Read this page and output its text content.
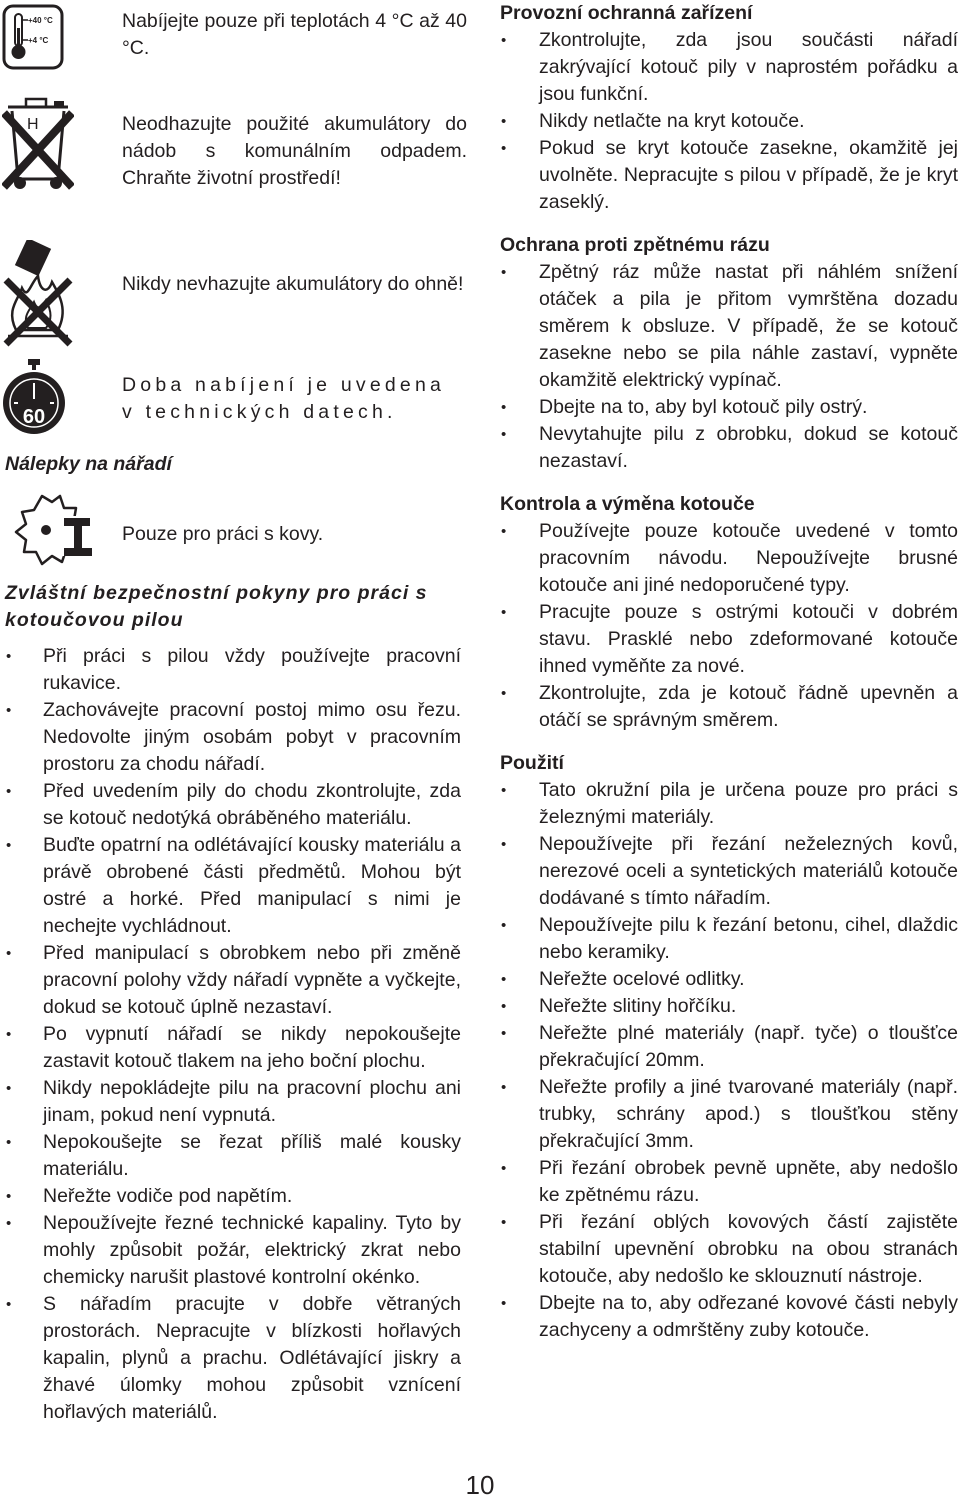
+40 °C
+4 °C
Nabíjejte pouze při teplotách 4 °C až 40 °C.
H	Neodhazujte použité akumulátory do nádob s komunálním odpadem. Chraňte životní prostředí!
Nikdy nevhazujte akumulátory do ohně!
60
Doba nabíjení je uvedena v technických datech.
Nálepky na nářadí
Pouze pro práci s kovy.
Zvláštní bezpečnostní pokyny pro práci s kotoučovou pilou
• Při práci s pilou vždy používejte pracovní rukavice.
• Zachovávejte pracovní postoj mimo osu řezu. Nedovolte jiným osobám pobyt v pracovním prostoru za chodu nářadí.
• Před uvedením pily do chodu zkontrolujte, zda se kotouč nedotýká obráběného materiálu.
• Buďte opatrní na odlétávající kousky materiálu a právě obrobené části předmětů. Mohou být ostré a horké. Před manipulací s nimi je nechejte vychládnout.
• Před manipulací s obrobkem nebo při změně pracovní polohy vždy nářadí vypněte a vyčkejte, dokud se kotouč úplně nezastaví.
• Po vypnutí nářadí se nikdy nepokoušejte zastavit kotouč tlakem na jeho boční plochu.
• Nikdy nepokládejte pilu na pracovní plochu ani jinam, pokud není vypnutá.
• Nepokoušejte se řezat příliš malé kousky materiálu.
• Neřežte vodiče pod napětím.
• Nepoužívejte řezné technické kapaliny. Tyto by mohly způsobit požár, elektrický zkrat nebo chemicky narušit plastové kontrolní okénko.
• S nářadím pracujte v dobře větraných prostorách. Nepracujte v blízkosti hořlavých kapalin, plynů a prachu. Odlétávající jiskry a žhavé úlomky mohou způsobit vznícení hořlavých materiálů.
Provozní ochranná zařízení
• Zkontrolujte, zda jsou součásti nářadí zakrývající kotouč pily v naprostém pořádku a jsou funkční.
• Nikdy netlačte na kryt kotouče.
• Pokud se kryt kotouče zasekne, okamžitě jej uvolněte. Nepracujte s pilou v případě, že je kryt zaseklý.
Ochrana proti zpětnému rázu
• Zpětný ráz může nastat při náhlém snížení otáček a pila je přitom vymrštěna dozadu směrem k obsluze. V případě, že se kotouč zasekne nebo se pila náhle zastaví, vypněte okamžitě elektrický vypínač.
• Dbejte na to, aby byl kotouč pily ostrý.
• Nevytahujte pilu z obrobku, dokud se kotouč nezastaví.
Kontrola a výměna kotouče
• Používejte pouze kotouče uvedené v tomto pracovním návodu. Nepoužívejte brusné kotouče ani jiné nedoporučené typy.
• Pracujte pouze s ostrými kotouči v dobrém stavu. Prasklé nebo zdeformované kotouče ihned vyměňte za nové.
• Zkontrolujte, zda je kotouč řádně upevněn a otáčí se správným směrem.
Použití
• Tato okružní pila je určena pouze pro práci s železnými materiály.
• Nepoužívejte při řezání neželezných kovů, nerezové oceli a syntetických materiálů kotouče dodávané s tímto nářadím.
• Nepoužívejte pilu k řezání betonu, cihel, dlaždic nebo keramiky.
• Neřežte ocelové odlitky.
• Neřežte slitiny hořčíku.
• Neřežte plné materiály (např. tyče) o tloušťce překračující 20mm.
• Neřežte profily a jiné tvarované materiály (např. trubky, schrány apod.) s tloušťkou stěny překračující 3mm.
• Při řezání obrobek pevně upněte, aby nedošlo ke zpětnému rázu.
• Při řezání oblých kovových částí zajistěte stabilní upevnění obrobku na obou stranách kotouče, aby nedošlo ke sklouznutí nástroje.
• Dbejte na to, aby odřezané kovové části nebyly zachyceny a odmrštěny zuby kotouče.
10
